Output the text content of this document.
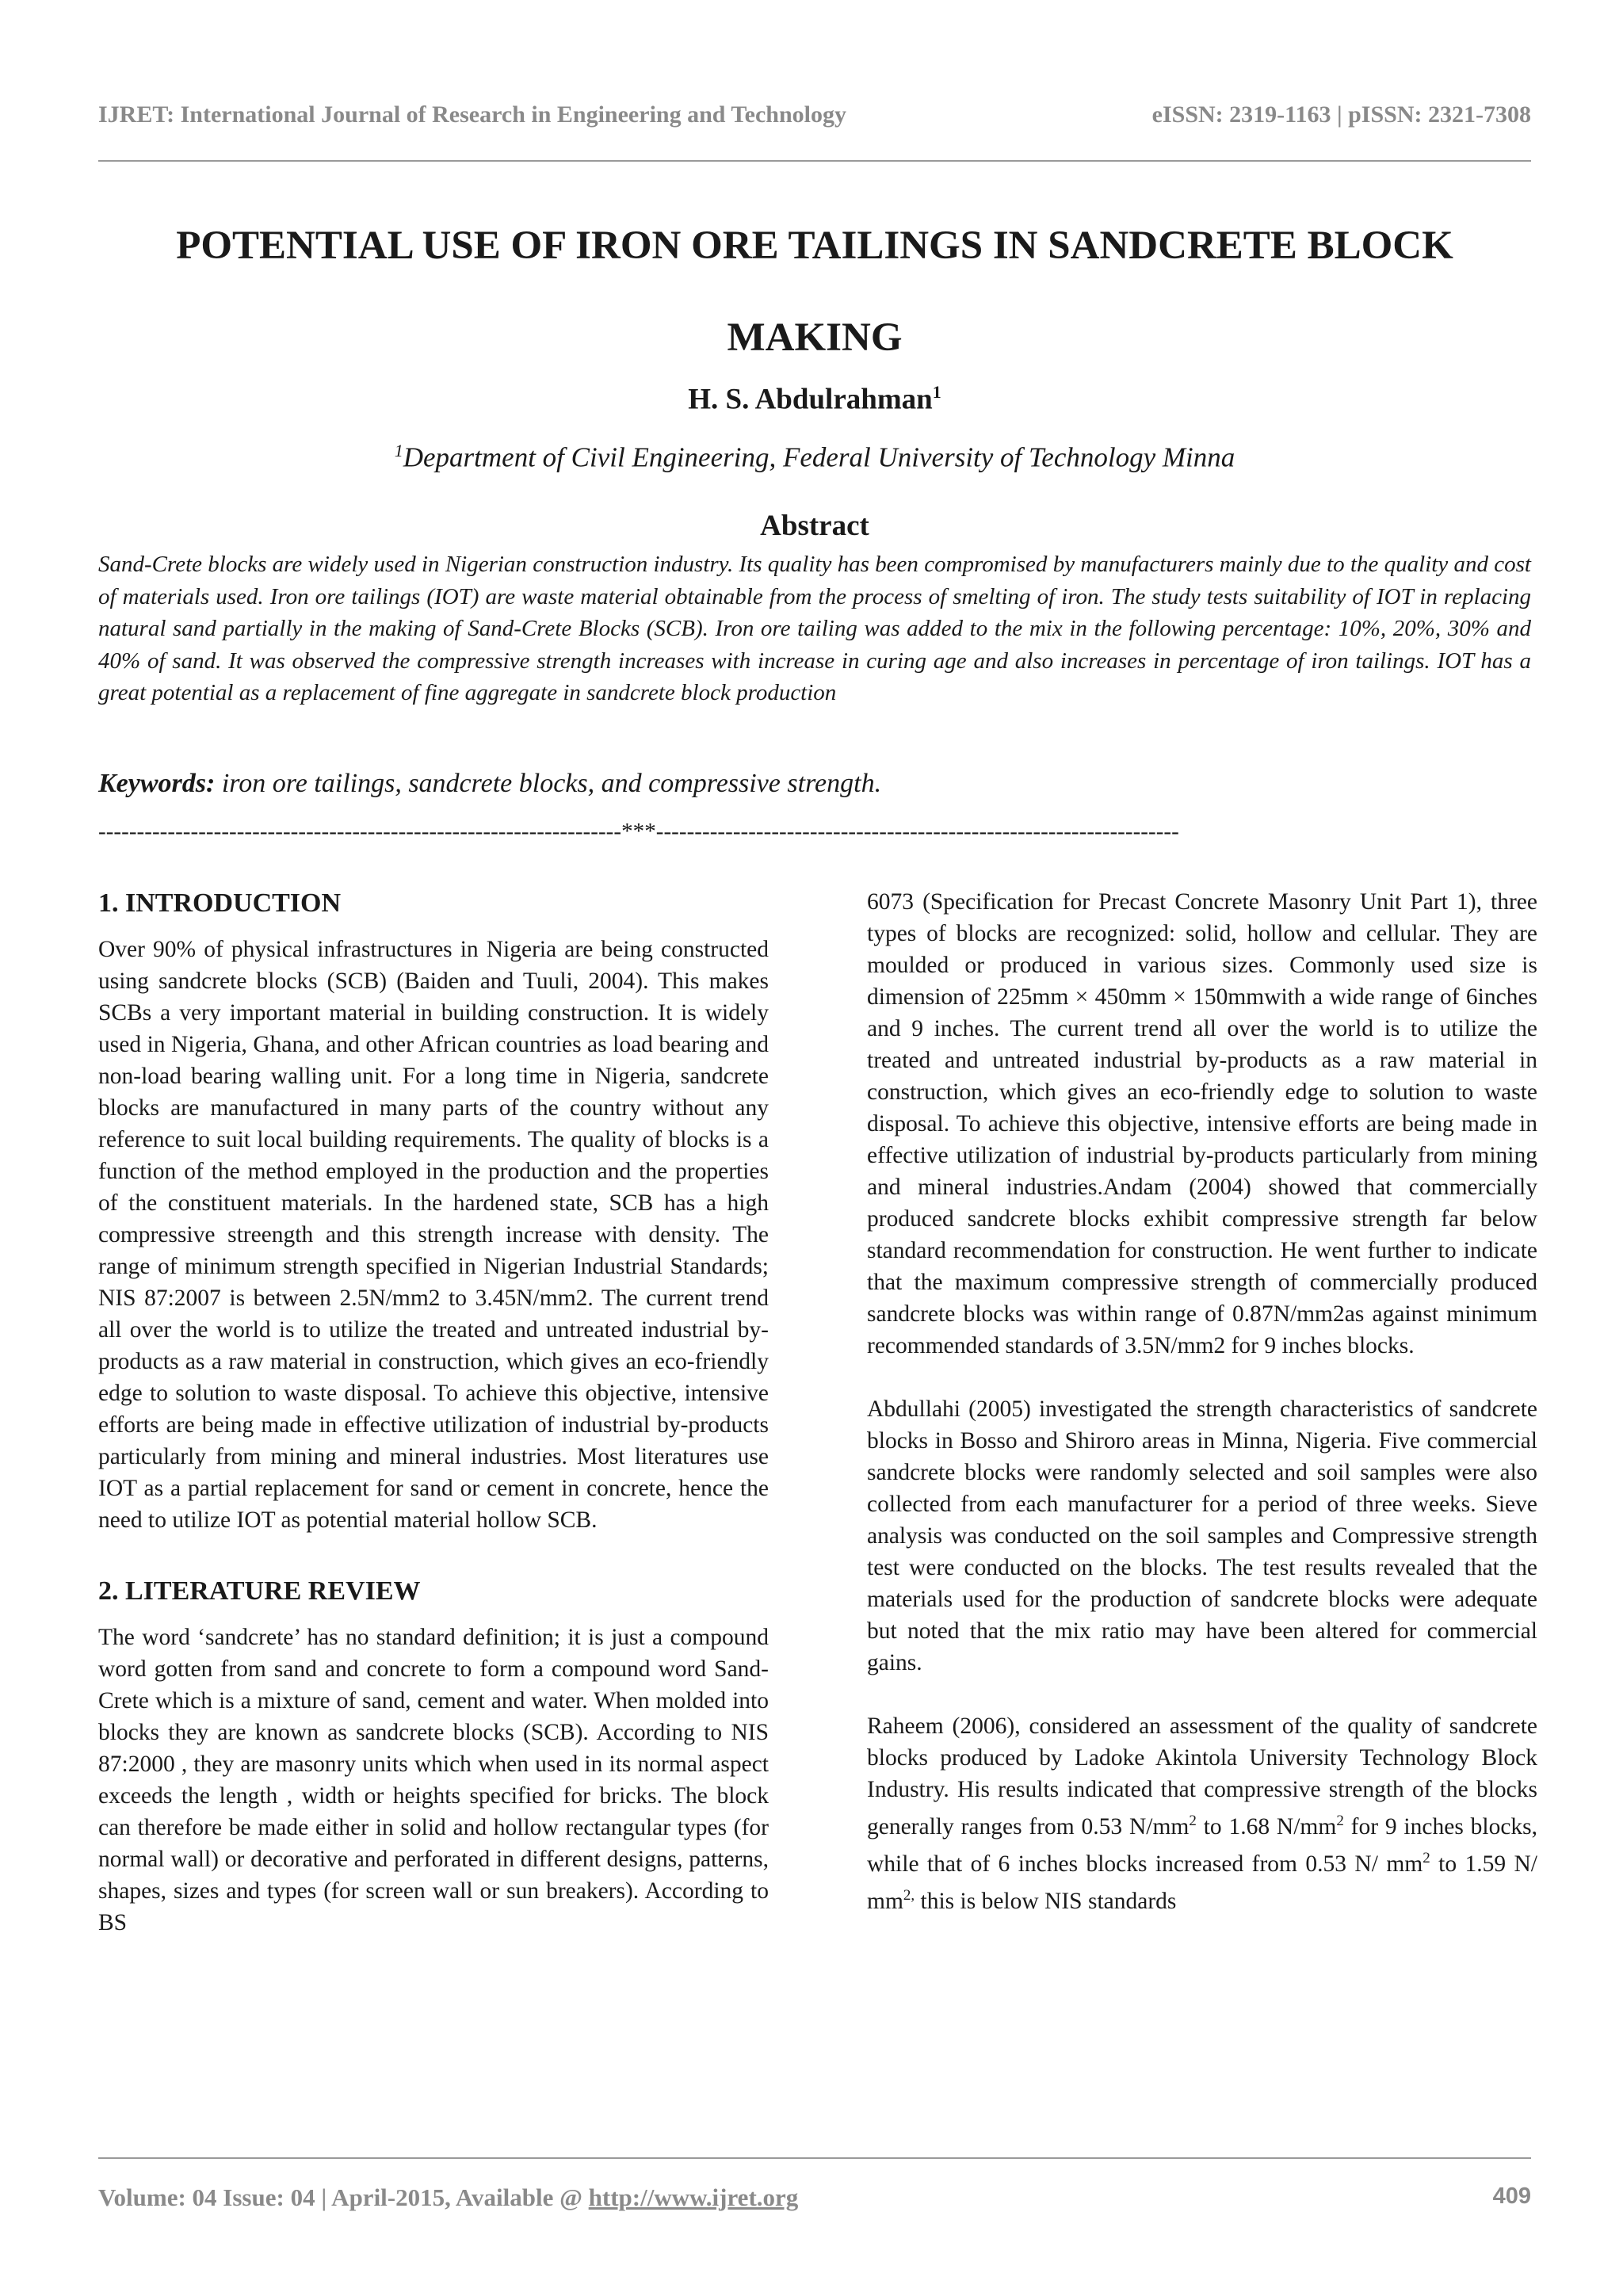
IJRET: International Journal of Research in Engineering and Technology	eISSN: 2319-1163 | pISSN: 2321-7308
POTENTIAL USE OF IRON ORE TAILINGS IN SANDCRETE BLOCK
MAKING

H. S. Abdulrahman$^1$

$^1$Department of Civil Engineering, Federal University of Technology Minna

Abstract

Sand-Crete blocks are widely used in Nigerian construction industry. Its quality has been compromised by manufacturers mainly due to the quality and cost of materials used. Iron ore tailings (IOT) are waste material obtainable from the process of smelting of iron. The study tests suitability of IOT in replacing natural sand partially in the making of Sand-Crete Blocks (SCB). Iron ore tailing was added to the mix in the following percentage: 10%, 20%, 30% and 40% of sand. It was observed the compressive strength increases with increase in curing age and also increases in percentage of iron tailings. IOT has a great potential as a replacement of fine aggregate in sandcrete block production

Keywords: iron ore tailings, sandcrete blocks, and compressive strength.

--------------------------------------------------------------------***--------------------------------------------------------------------

1. INTRODUCTION

Over 90% of physical infrastructures in Nigeria are being constructed using sandcrete blocks (SCB) (Baiden and Tuuli, 2004). This makes SCBs a very important material in building construction. It is widely used in Nigeria, Ghana, and other African countries as load bearing and non-load bearing walling unit. For a long time in Nigeria, sandcrete blocks are manufactured in many parts of the country without any reference to suit local building requirements. The quality of blocks is a function of the method employed in the production and the properties of the constituent materials. In the hardened state, SCB has a high compressive streength and this strength increase with density. The range of minimum strength specified in Nigerian Industrial Standards; NIS 87:2007 is between 2.5N/mm2 to 3.45N/mm2. The current trend all over the world is to utilize the treated and untreated industrial by-products as a raw material in construction, which gives an eco-friendly edge to solution to waste disposal. To achieve this objective, intensive efforts are being made in effective utilization of industrial by-products particularly from mining and mineral industries. Most literatures use IOT as a partial replacement for sand or cement in concrete, hence the need to utilize IOT as potential material hollow SCB.

2. LITERATURE REVIEW

The word ‘sandcrete’ has no standard definition; it is just a compound word gotten from sand and concrete to form a compound word Sand-Crete which is a mixture of sand, cement and water. When molded into blocks they are known as sandcrete blocks (SCB). According to NIS 87:2000 , they are masonry units which when used in its normal aspect exceeds the length , width or heights specified for bricks. The block can therefore be made either in solid and hollow rectangular types (for normal wall) or decorative and perforated in different designs, patterns, shapes, sizes and types (for screen wall or sun breakers). According to BS

6073 (Specification for Precast Concrete Masonry Unit Part 1), three types of blocks are recognized: solid, hollow and cellular. They are moulded or produced in various sizes. Commonly used size is dimension of 225mm × 450mm × 150mmwith a wide range of 6inches and 9 inches. The current trend all over the world is to utilize the treated and untreated industrial by-products as a raw material in construction, which gives an eco-friendly edge to solution to waste disposal. To achieve this objective, intensive efforts are being made in effective utilization of industrial by-products particularly from mining and mineral industries.Andam (2004) showed that commercially produced sandcrete blocks exhibit compressive strength far below standard recommendation for construction. He went further to indicate that the maximum compressive strength of commercially produced sandcrete blocks was within range of 0.87N/mm2as against minimum recommended standards of 3.5N/mm2 for 9 inches blocks.

Abdullahi (2005) investigated the strength characteristics of sandcrete blocks in Bosso and Shiroro areas in Minna, Nigeria. Five commercial sandcrete blocks were randomly selected and soil samples were also collected from each manufacturer for a period of three weeks. Sieve analysis was conducted on the soil samples and Compressive strength test were conducted on the blocks. The test results revealed that the materials used for the production of sandcrete blocks were adequate but noted that the mix ratio may have been altered for commercial gains.

Raheem (2006), considered an assessment of the quality of sandcrete blocks produced by Ladoke Akintola University Technology Block Industry. His results indicated that compressive strength of the blocks generally ranges from 0.53 $N/mm^2$ to 1.68 $N/mm^2$ for 9 inches blocks, while that of 6 inches blocks increased from 0.53 N/ $mm^2$ to 1.59 N/ $mm^{2,}$ this is below NIS standards

Volume: 04 Issue: 04 | April-2015, Available @ http://www.ijret.org	409
